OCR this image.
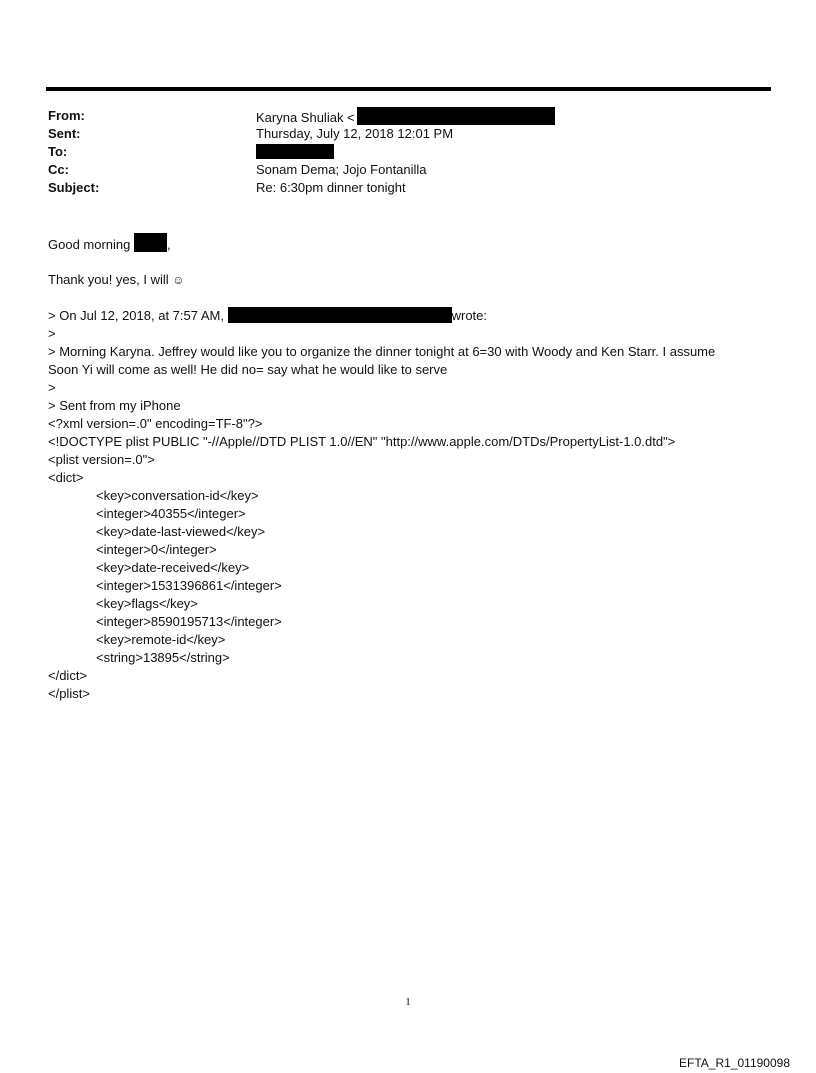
From:	Karyna Shuliak <
Sent:	Thursday, July 12, 2018 12:01 PM
To:
Cc:	Sonam Dema; Jojo Fontanilla
Subject:	Re: 6:30pm dinner tonight
Good morning	,
Thank you! yes, I will ☺
> On Jul 12, 2018, at 7:57 AM,	wrote:
>
> Morning Karyna. Jeffrey would like you to organize the dinner tonight at 6=30 with Woody and Ken Starr. I assume
Soon Yi will come as well! He did no= say what he would like to serve
>
> Sent from my iPhone
<?xml version=.0" encoding=TF-8"?>
<!DOCTYPE plist PUBLIC "-//Apple//DTD PLIST 1.0//EN" "http://www.apple.com/DTDs/PropertyList-1.0.dtd">
<plist version=.0">
<dict>
<key>conversation-id</key>
<integer>40355</integer>
<key>date-last-viewed</key>
<integer>0</integer>
<key>date-received</key>
<integer>1531396861</integer>
<key>flags</key>
<integer>8590195713</integer>
<key>remote-id</key>
<string>13895</string>
</dict>
</plist>
1
EFTA_R1_01190098
